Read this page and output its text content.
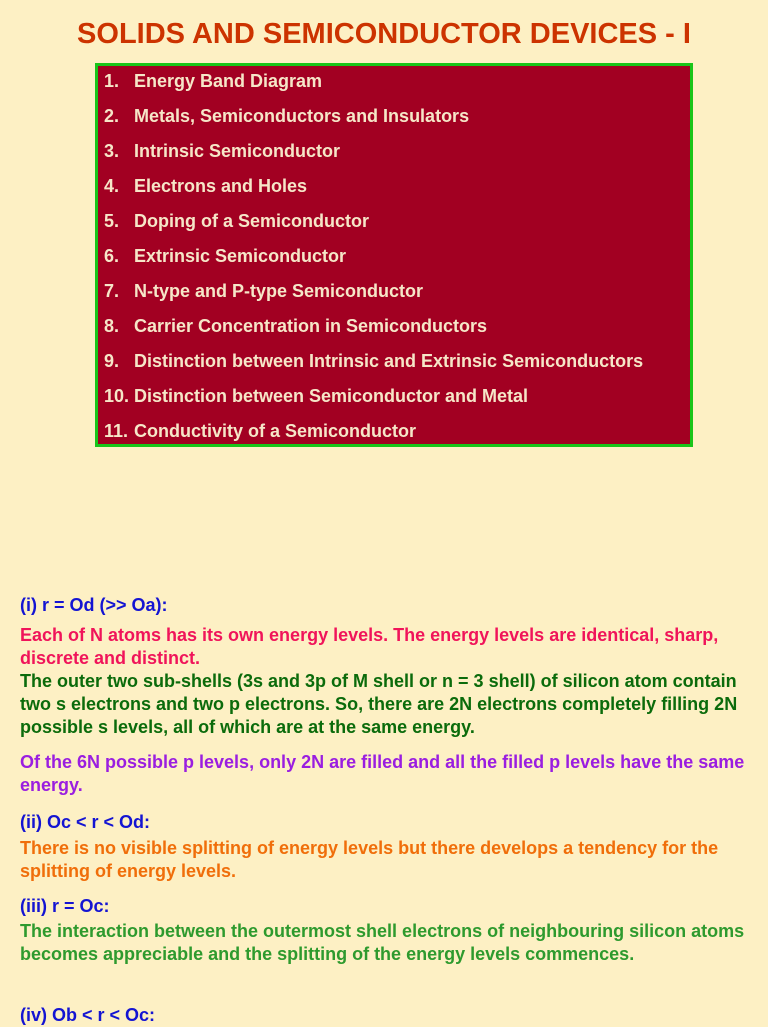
SOLIDS AND SEMICONDUCTOR DEVICES - I
1. Energy Band Diagram
2. Metals, Semiconductors and Insulators
3. Intrinsic Semiconductor
4. Electrons and Holes
5. Doping of a Semiconductor
6. Extrinsic Semiconductor
7. N-type and P-type Semiconductor
8. Carrier Concentration in Semiconductors
9. Distinction between Intrinsic and Extrinsic Semiconductors
10. Distinction between Semiconductor and Metal
11. Conductivity of a Semiconductor
(i) r = Od (>> Oa):
Each of N atoms has its own energy levels. The energy levels are identical, sharp, discrete and distinct.
The outer two sub-shells (3s and 3p of M shell or n = 3 shell) of silicon atom contain two s electrons and two p electrons. So, there are 2N electrons completely filling 2N possible s levels, all of which are at the same energy.
Of the 6N possible p levels, only 2N are filled and all the filled p levels have the same energy.
(ii) Oc < r < Od:
There is no visible splitting of energy levels but there develops a tendency for the splitting of energy levels.
(iii) r = Oc:
The interaction between the outermost shell electrons of neighbouring silicon atoms becomes appreciable and the splitting of the energy levels commences.
(iv) Ob < r < Oc:
